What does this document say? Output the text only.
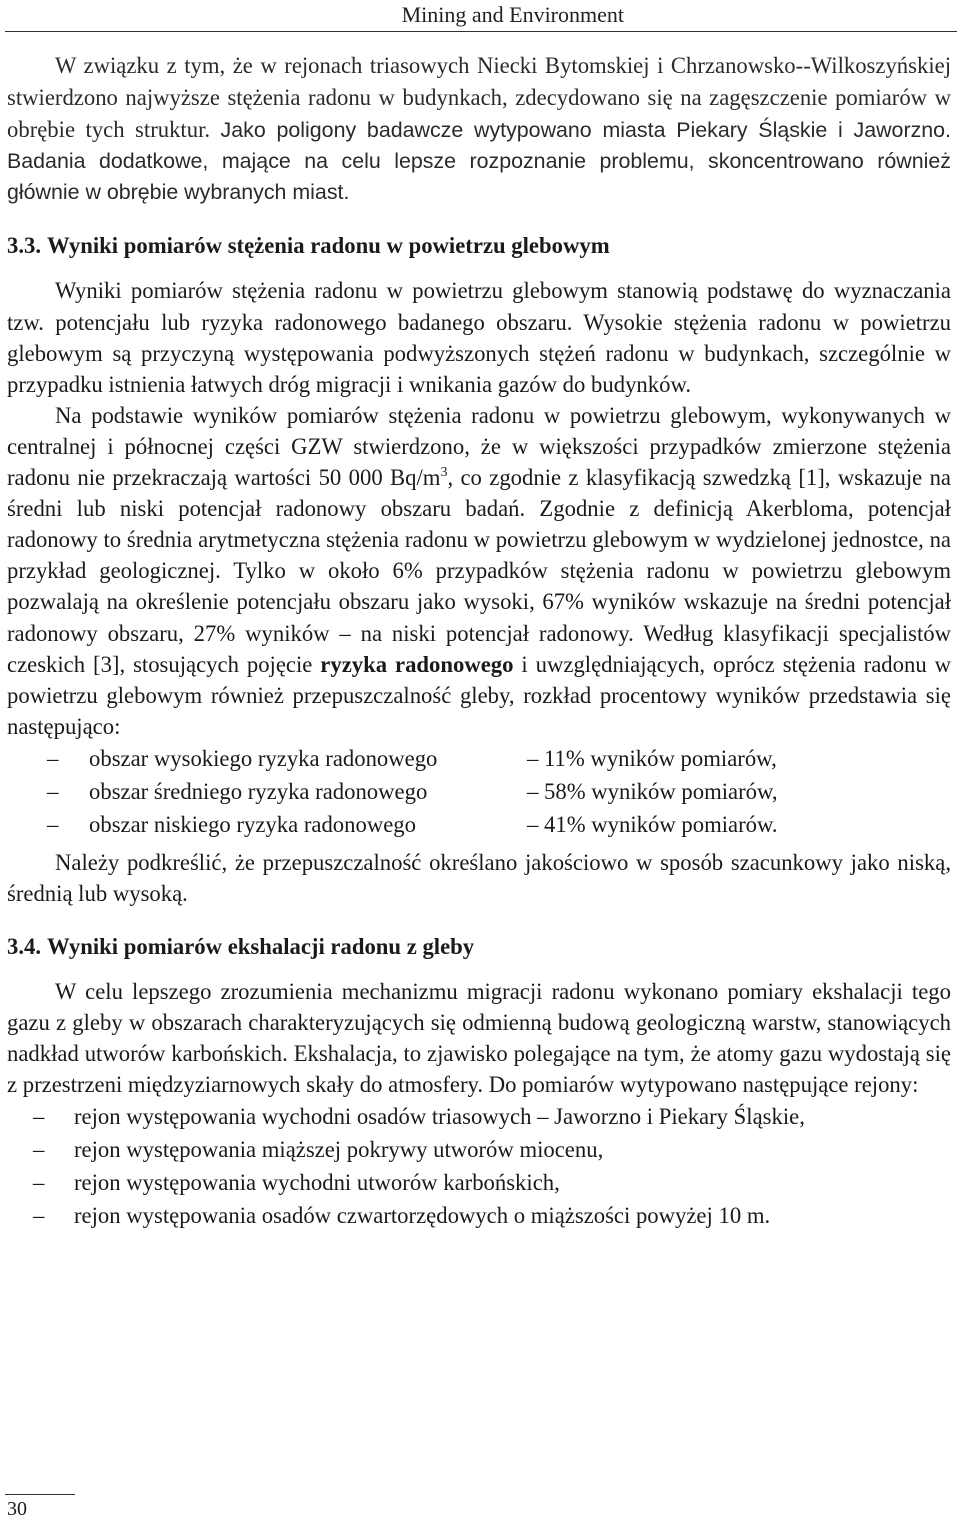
Mining and Environment

W związku z tym, że w rejonach triasowych Niecki Bytomskiej i Chrzanowsko--Wilkoszyńskiej stwierdzono najwyższe stężenia radonu w budynkach, zdecydowano się na zagęszczenie pomiarów w obrębie tych struktur. Jako poligony badawcze wytypowano miasta Piekary Śląskie i Jaworzno. Badania dodatkowe, mające na celu lepsze rozpoznanie problemu, skoncentrowano również głównie w obrębie wybranych miast.

3.3. Wyniki pomiarów stężenia radonu w powietrzu glebowym

Wyniki pomiarów stężenia radonu w powietrzu glebowym stanowią podstawę do wyznaczania tzw. potencjału lub ryzyka radonowego badanego obszaru. Wysokie stężenia radonu w powietrzu glebowym są przyczyną występowania podwyższonych stężeń radonu w budynkach, szczególnie w przypadku istnienia łatwych dróg migracji i wnikania gazów do budynków.

Na podstawie wyników pomiarów stężenia radonu w powietrzu glebowym, wykonywanych w centralnej i północnej części GZW stwierdzono, że w większości przypadków zmierzone stężenia radonu nie przekraczają wartości 50 000 $Bq/m^3$, co zgodnie z klasyfikacją szwedzką [1], wskazuje na średni lub niski potencjał radonowy obszaru badań. Zgodnie z definicją Akerbloma, potencjał radonowy to średnia arytmetyczna stężenia radonu w powietrzu glebowym w wydzielonej jednostce, na przykład geologicznej. Tylko w około 6% przypadków stężenia radonu w powietrzu glebowym pozwalają na określenie potencjału obszaru jako wysoki, 67% wyników wskazuje na średni potencjał radonowy obszaru, 27% wyników – na niski potencjał radonowy. Według klasyfikacji specjalistów czeskich [3], stosujących pojęcie ryzyka radonowego i uwzględniających, oprócz stężenia radonu w powietrzu glebowym również przepuszczalność gleby, rozkład procentowy wyników przedstawia się następująco:

– obszar wysokiego ryzyka radonowego	– 11% wyników pomiarów,
– obszar średniego ryzyka radonowego	– 58% wyników pomiarów,
– obszar niskiego ryzyka radonowego	– 41% wyników pomiarów.

Należy podkreślić, że przepuszczalność określano jakościowo w sposób szacunkowy jako niską, średnią lub wysoką.

3.4. Wyniki pomiarów ekshalacji radonu z gleby

W celu lepszego zrozumienia mechanizmu migracji radonu wykonano pomiary ekshalacji tego gazu z gleby w obszarach charakteryzujących się odmienną budową geologiczną warstw, stanowiących nadkład utworów karbońskich. Ekshalacja, to zjawisko polegające na tym, że atomy gazu wydostają się z przestrzeni międzyziarnowych skały do atmosfery. Do pomiarów wytypowano następujące rejony:

– rejon występowania wychodni osadów triasowych – Jaworzno i Piekary Śląskie,
– rejon występowania miąższej pokrywy utworów miocenu,
– rejon występowania wychodni utworów karbońskich,
– rejon występowania osadów czwartorzędowych o miąższości powyżej 10 m.
30
